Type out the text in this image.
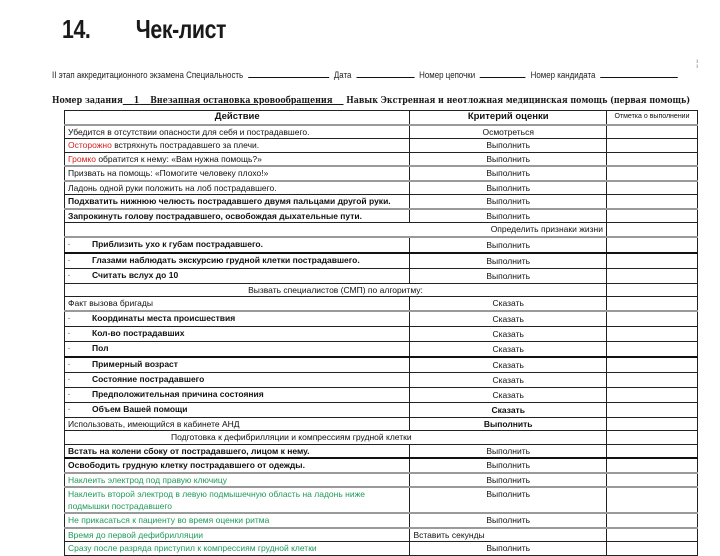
14. Чек-лист
II этап аккредитационного экзамена Специальность	Дата	Номер цепочки	Номер кандидата
¦
Номер задания 1 Внезапная остановка кровообращения Навык Экстренная и неотложная медицинская помощь (первая помощь)
Действие	Критерий оценки	Отметка о выполнении
Убедится в отсутствии опасности для себя и пострадавшего.	Осмотреться	
Осторожно встряхнуть пострадавшего за плечи.	Выполнить	
Громко обратится к нему: «Вам нужна помощь?»	Выполнить	
Призвать на помощь: «Помогите человеку плохо!»	Выполнить	
Ладонь одной руки положить на лоб пострадавшего.	Выполнить	
Подхватить нижнюю челюсть пострадавшего двумя пальцами другой руки.	Выполнить	
Запрокинуть голову пострадавшего, освобождая дыхательные пути.	Выполнить	
Определить признаки жизни		
· Приблизить ухо к губам пострадавшего.	Выполнить	
· Глазами наблюдать экскурсию грудной клетки пострадавшего.	Выполнить	
· Считать вслух до 10	Выполнить	
Вызвать специалистов (СМП) по алгоритму:		
Факт вызова бригады	Сказать	
· Координаты места происшествия	Сказать	
· Кол-во пострадавших	Сказать	
· Пол	Сказать	
· Примерный возраст	Сказать	
· Состояние пострадавшего	Сказать	
· Предположительная причина состояния	Сказать	
· Объем Вашей помощи	Сказать	
Использовать, имеющийся в кабинете АНД	Выполнить	
Подготовка к дефибрилляции и компрессиям грудной клетки		
Встать на колени сбоку от пострадавшего, лицом к нему.	Выполнить	
Освободить грудную клетку пострадавшего от одежды.	Выполнить	
Наклеить электрод под правую ключицу	Выполнить	
Наклеить второй электрод в левую подмышечную область на ладонь ниже подмышки пострадавшего	Выполнить	
Не прикасаться к пациенту во время оценки ритма	Выполнить	
Время до первой дефибрилляции	Вставить секунды	
Сразу после разряда приступил к компрессиям грудной клетки	Выполнить	
